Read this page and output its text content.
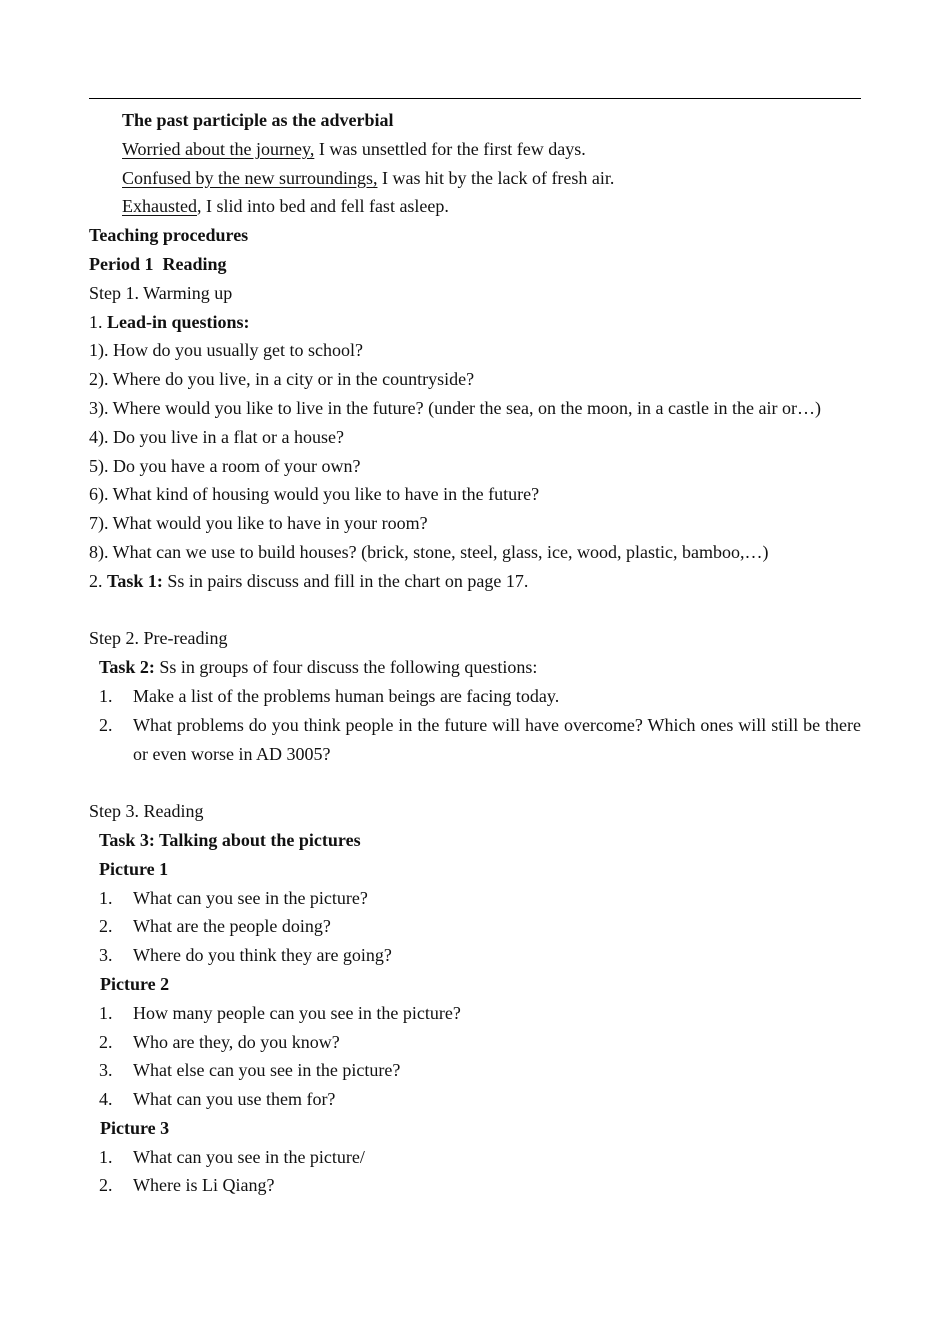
The past participle as the adverbial
Worried about the journey, I was unsettled for the first few days.
Confused by the new surroundings, I was hit by the lack of fresh air.
Exhausted, I slid into bed and fell fast asleep.
Teaching procedures
Period 1  Reading
Step 1. Warming up
1. Lead-in questions:
1). How do you usually get to school?
2). Where do you live, in a city or in the countryside?
3). Where would you like to live in the future? (under the sea, on the moon, in a castle in the air or…)
4). Do you live in a flat or a house?
5). Do you have a room of your own?
6). What kind of housing would you like to have in the future?
7). What would you like to have in your room?
8). What can we use to build houses? (brick, stone, steel, glass, ice, wood, plastic, bamboo,…)
2. Task 1: Ss in pairs discuss and fill in the chart on page 17.
Step 2. Pre-reading
Task 2: Ss in groups of four discuss the following questions:
1. Make a list of the problems human beings are facing today.
2. What problems do you think people in the future will have overcome? Which ones will still be there or even worse in AD 3005?
Step 3. Reading
Task 3: Talking about the pictures
Picture 1
1. What can you see in the picture?
2. What are the people doing?
3. Where do you think they are going?
Picture 2
1. How many people can you see in the picture?
2. Who are they, do you know?
3. What else can you see in the picture?
4. What can you use them for?
Picture 3
1. What can you see in the picture/
2. Where is Li Qiang?
